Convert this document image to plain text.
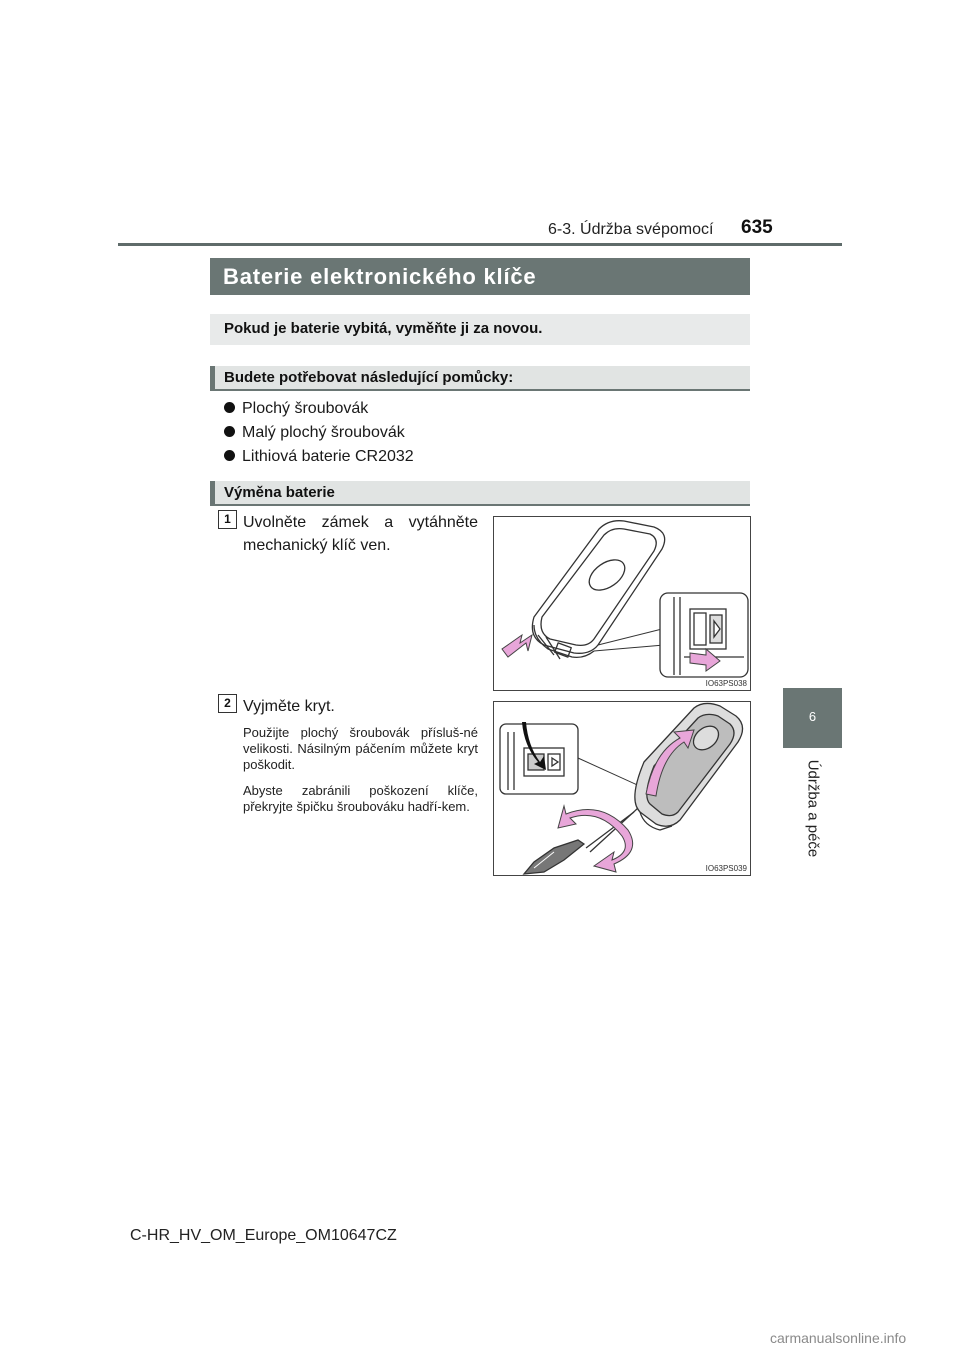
6-3. Údržba svépomocí 635
6
Údržba a péče
Baterie elektronického klíče
Pokud je baterie vybitá, vyměňte ji za novou.
Budete potřebovat následující pomůcky:
Plochý šroubovák
Malý plochý šroubovák
Lithiová baterie CR2032
Výměna baterie
1 Uvolněte zámek a vytáhněte mechanický klíč ven.
IO63PS038
2 Vyjměte kryt.
Použijte plochý šroubovák přísluš-né velikosti. Násilným páčením můžete kryt poškodit.
Abyste zabránili poškození klíče, překryjte špičku šroubováku hadří-kem.
IO63PS039
C-HR_HV_OM_Europe_OM10647CZ
carmanualsonline.info
